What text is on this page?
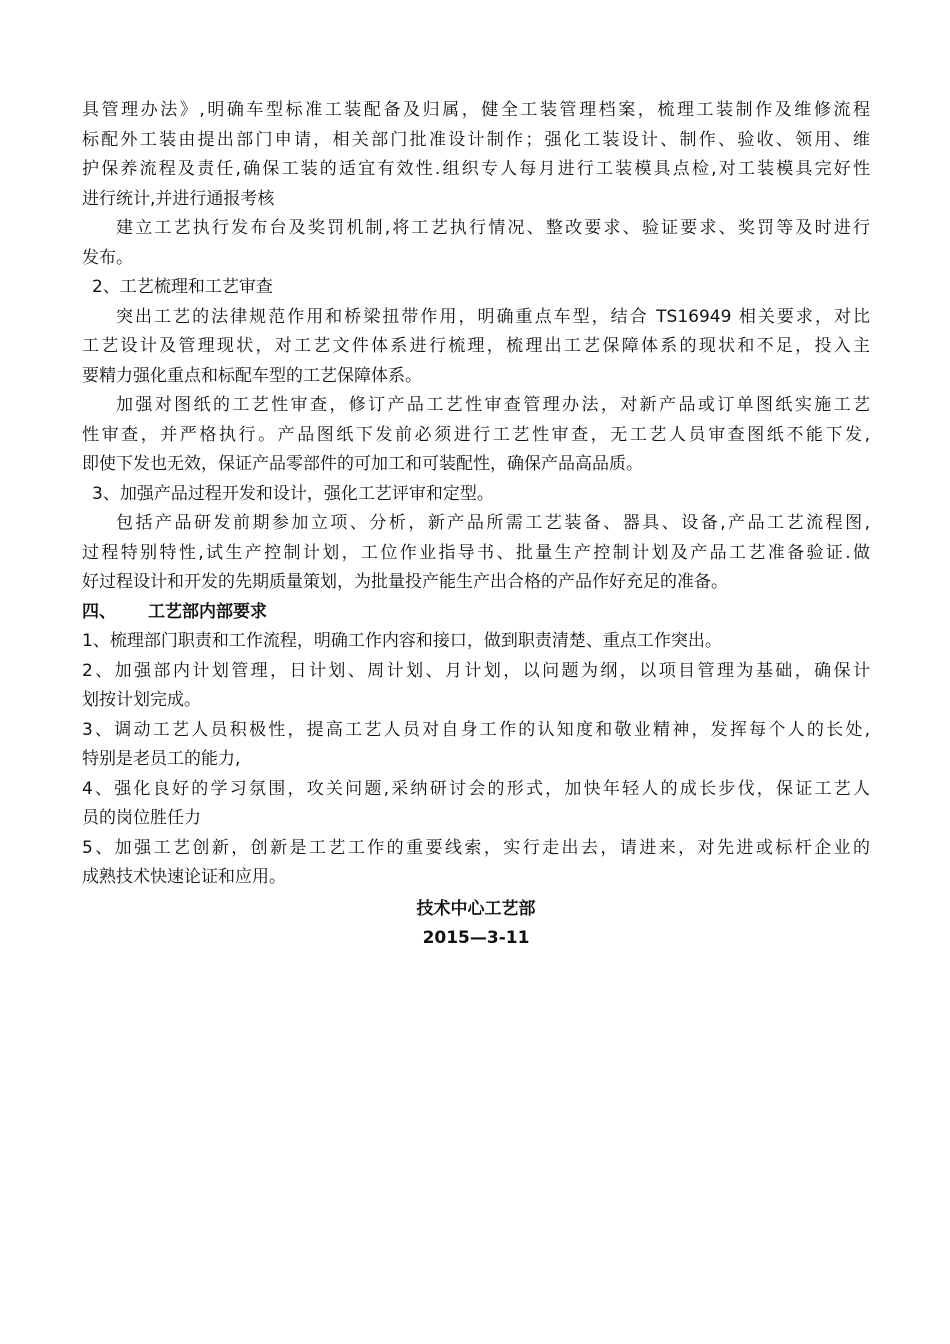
具管理办法》,明确车型标准工装配备及归属，健全工装管理档案，梳理工装制作及维修流程
标配外工装由提出部门申请，相关部门批准设计制作；强化工装设计、制作、验收、领用、维
护保养流程及责任,确保工装的适宜有效性.组织专人每月进行工装模具点检,对工装模具完好性
进行统计,并进行通报考核
建立工艺执行发布台及奖罚机制,将工艺执行情况、整改要求、验证要求、奖罚等及时进行
发布。
2、工艺梳理和工艺审查
突出工艺的法律规范作用和桥梁扭带作用，明确重点车型，结合 TS16949 相关要求，对比
工艺设计及管理现状，对工艺文件体系进行梳理，梳理出工艺保障体系的现状和不足，投入主
要精力强化重点和标配车型的工艺保障体系。
加强对图纸的工艺性审查，修订产品工艺性审查管理办法，对新产品或订单图纸实施工艺
性审查，并严格执行。产品图纸下发前必须进行工艺性审查，无工艺人员审查图纸不能下发,
即使下发也无效，保证产品零部件的可加工和可装配性，确保产品高品质。
3、加强产品过程开发和设计，强化工艺评审和定型。
包括产品研发前期参加立项、分析，新产品所需工艺装备、器具、设备,产品工艺流程图,
过程特别特性,试生产控制计划，工位作业指导书、批量生产控制计划及产品工艺准备验证.做
好过程设计和开发的先期质量策划，为批量投产能生产出合格的产品作好充足的准备。
四、 工艺部内部要求
1、梳理部门职责和工作流程，明确工作内容和接口，做到职责清楚、重点工作突出。
2、加强部内计划管理，日计划、周计划、月计划，以问题为纲，以项目管理为基础，确保计
划按计划完成。
3、调动工艺人员积极性，提高工艺人员对自身工作的认知度和敬业精神，发挥每个人的长处,
特别是老员工的能力,
4、强化良好的学习氛围，攻关问题,采纳研讨会的形式，加快年轻人的成长步伐，保证工艺人
员的岗位胜任力
5、加强工艺创新，创新是工艺工作的重要线索，实行走出去，请进来，对先进或标杆企业的
成熟技术快速论证和应用。
技术中心工艺部
2015—3-11
